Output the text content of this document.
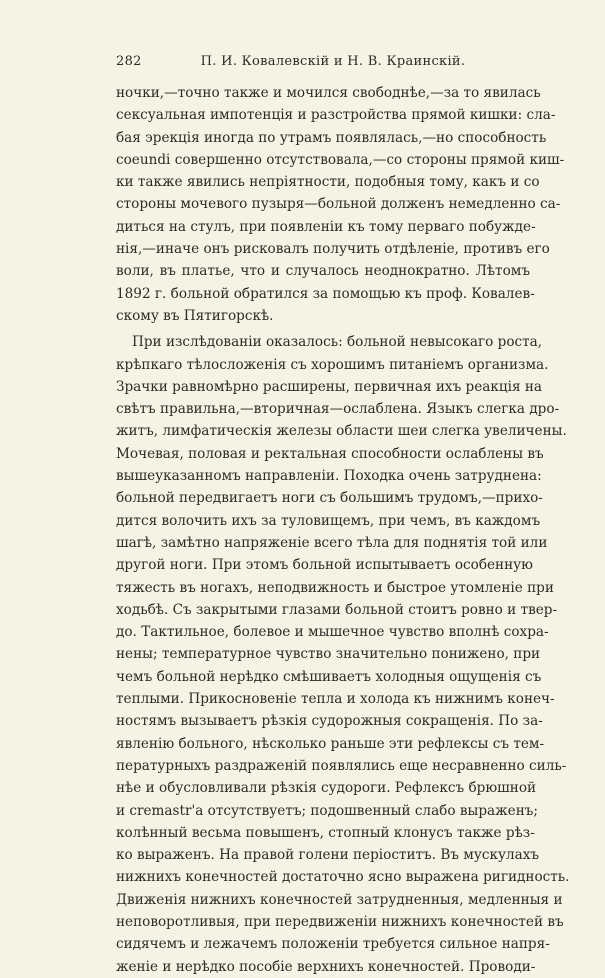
282	П. И. Ковалевскій и Н. В. Краинскій.
ночки,—точно также и мочился свободнѣе,—за то явилась
сексуальная импотенція и разстройства прямой кишки: сла-
бая эрекція иногда по утрамъ появлялась,—но способность
coeundi совершенно отсутствовала,—со стороны прямой киш-
ки также явились непріятности, подобныя тому, какъ и со
стороны мочевого пузыря—больной долженъ немедленно са-
диться на стулъ, при появленіи къ тому перваго побужде-
нія,—иначе онъ рисковалъ получить отдѣленіе, противъ его
воли, въ платье, что и случалось неоднократно. Лѣтомъ
1892 г. больной обратился за помощью къ проф. Ковалев-
скому въ Пятигорскѣ.
При изслѣдованіи оказалось: больной невысокаго роста,
крѣпкаго тѣлосложенія съ хорошимъ питаніемъ организма.
Зрачки равномѣрно расширены, первичная ихъ реакція на
свѣтъ правильна,—вторичная—ослаблена. Языкъ слегка дро-
житъ, лимфатическія железы области шеи слегка увеличены.
Мочевая, половая и ректальная способности ослаблены въ
вышеуказанномъ направленіи. Походка очень затруднена:
больной передвигаетъ ноги съ большимъ трудомъ,—прихо-
дится волочить ихъ за туловищемъ, при чемъ, въ каждомъ
шагѣ, замѣтно напряженіе всего тѣла для поднятія той или
другой ноги. При этомъ больной испытываетъ особенную
тяжесть въ ногахъ, неподвижность и быстрое утомленіе при
ходьбѣ. Съ закрытыми глазами больной стоитъ ровно и твер-
до. Тактильное, болевое и мышечное чувство вполнѣ сохра-
нены; температурное чувство значительно понижено, при
чемъ больной нерѣдко смѣшиваетъ холодныя ощущенія съ
теплыми. Прикосновеніе тепла и холода къ нижнимъ конеч-
ностямъ вызываетъ рѣзкія судорожныя сокращенія. По за-
явленію больного, нѣсколько раньше эти рефлексы съ тем-
пературныхъ раздраженій появлялись еще несравненно силь-
нѣе и обусловливали рѣзкія судороги. Рефлексъ брюшной
и cremastr'a отсутствуетъ; подошвенный слабо выраженъ;
колѣнный весьма повышенъ, стопный клонусъ также рѣз-
ко выраженъ. На правой голени періоститъ. Въ мускулахъ
нижнихъ конечностей достаточно ясно выражена ригидность.
Движенія нижнихъ конечностей затрудненныя, медленныя и
неповоротливыя, при передвиженіи нижнихъ конечностей въ
сидячемъ и лежачемъ положеніи требуется сильное напря-
женіе и нерѣдко пособіе верхнихъ конечностей. Проводи-
